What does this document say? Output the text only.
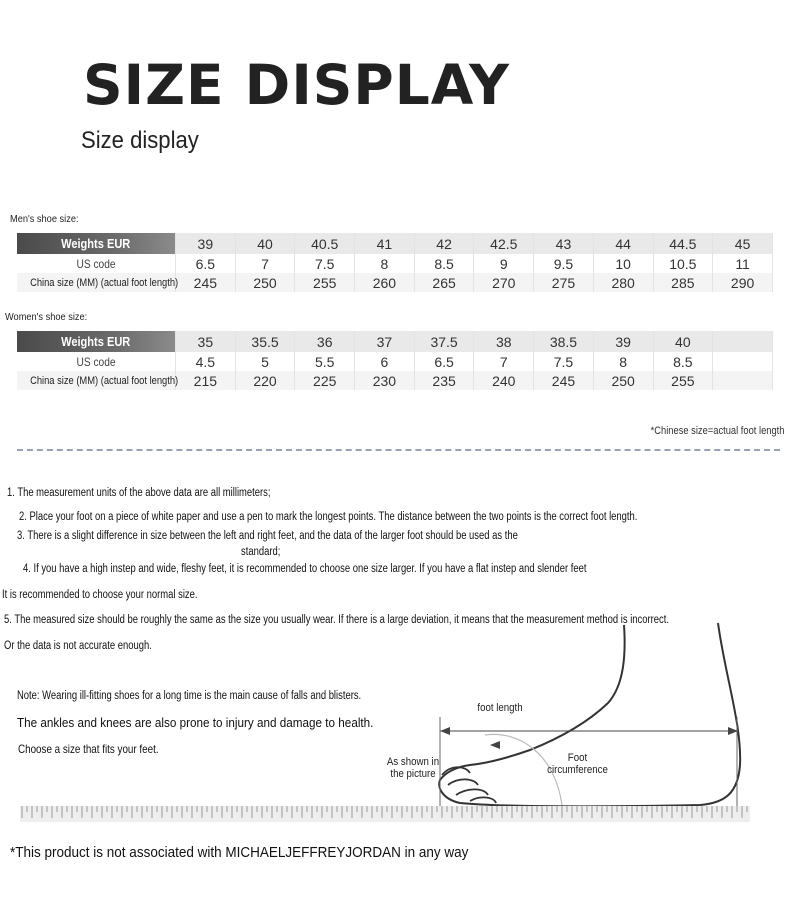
SIZE DISPLAY
Size display
Men's shoe size:
Weights EUR	39	40	40.5	41	42	42.5	43	44	44.5	45
US code	6.5	7	7.5	8	8.5	9	9.5	10	10.5	11
China size (MM) (actual foot length)	245	250	255	260	265	270	275	280	285	290
Women's shoe size:
Weights EUR	35	35.5	36	37	37.5	38	38.5	39	40	
US code	4.5	5	5.5	6	6.5	7	7.5	8	8.5	
China size (MM) (actual foot length)	215	220	225	230	235	240	245	250	255	
*Chinese size=actual foot length
1. The measurement units of the above data are all millimeters;
2. Place your foot on a piece of white paper and use a pen to mark the longest points. The distance between the two points is the correct foot length.
3. There is a slight difference in size between the left and right feet, and the data of the larger foot should be used as the
standard;
4. If you have a high instep and wide, fleshy feet, it is recommended to choose one size larger. If you have a flat instep and slender feet
It is recommended to choose your normal size.
5. The measured size should be roughly the same as the size you usually wear. If there is a large deviation, it means that the measurement method is incorrect.
Or the data is not accurate enough.
foot length
As shown in
the picture
Foot
circumference
Note: Wearing ill-fitting shoes for a long time is the main cause of falls and blisters.
The ankles and knees are also prone to injury and damage to health.
Choose a size that fits your feet.
*This product is not associated with MICHAELJEFFREYJORDAN in any way
